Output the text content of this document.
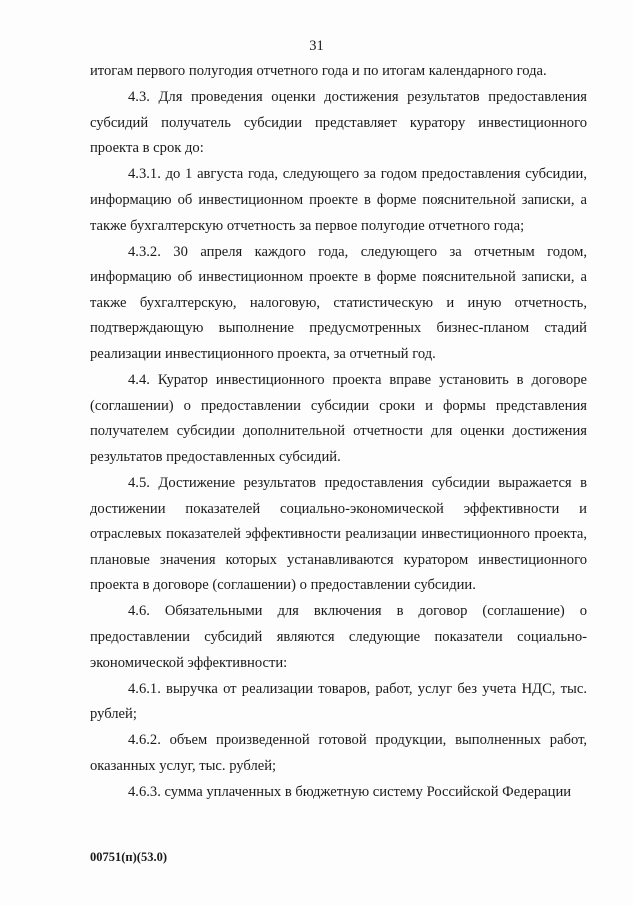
31

итогам первого полугодия отчетного года и по итогам календарного года.

4.3. Для проведения оценки достижения результатов предоставления субсидий получатель субсидии представляет куратору инвестиционного проекта в срок до:

4.3.1. до 1 августа года, следующего за годом предоставления субсидии, информацию об инвестиционном проекте в форме пояснительной записки, а также бухгалтерскую отчетность за первое полугодие отчетного года;

4.3.2. 30 апреля каждого года, следующего за отчетным годом, информацию об инвестиционном проекте в форме пояснительной записки, а также бухгалтерскую, налоговую, статистическую и иную отчетность, подтверждающую выполнение предусмотренных бизнес-планом стадий реализации инвестиционного проекта, за отчетный год.

4.4. Куратор инвестиционного проекта вправе установить в договоре (соглашении) о предоставлении субсидии сроки и формы представления получателем субсидии дополнительной отчетности для оценки достижения результатов предоставленных субсидий.

4.5. Достижение результатов предоставления субсидии выражается в достижении показателей социально-экономической эффективности и отраслевых показателей эффективности реализации инвестиционного проекта, плановые значения которых устанавливаются куратором инвестиционного проекта в договоре (соглашении) о предоставлении субсидии.

4.6. Обязательными для включения в договор (соглашение) о предоставлении субсидий являются следующие показатели социально-экономической эффективности:

4.6.1. выручка от реализации товаров, работ, услуг без учета НДС, тыс. рублей;

4.6.2. объем произведенной готовой продукции, выполненных работ, оказанных услуг, тыс. рублей;

4.6.3. сумма уплаченных в бюджетную систему Российской Федерации

00751(п)(53.0)
